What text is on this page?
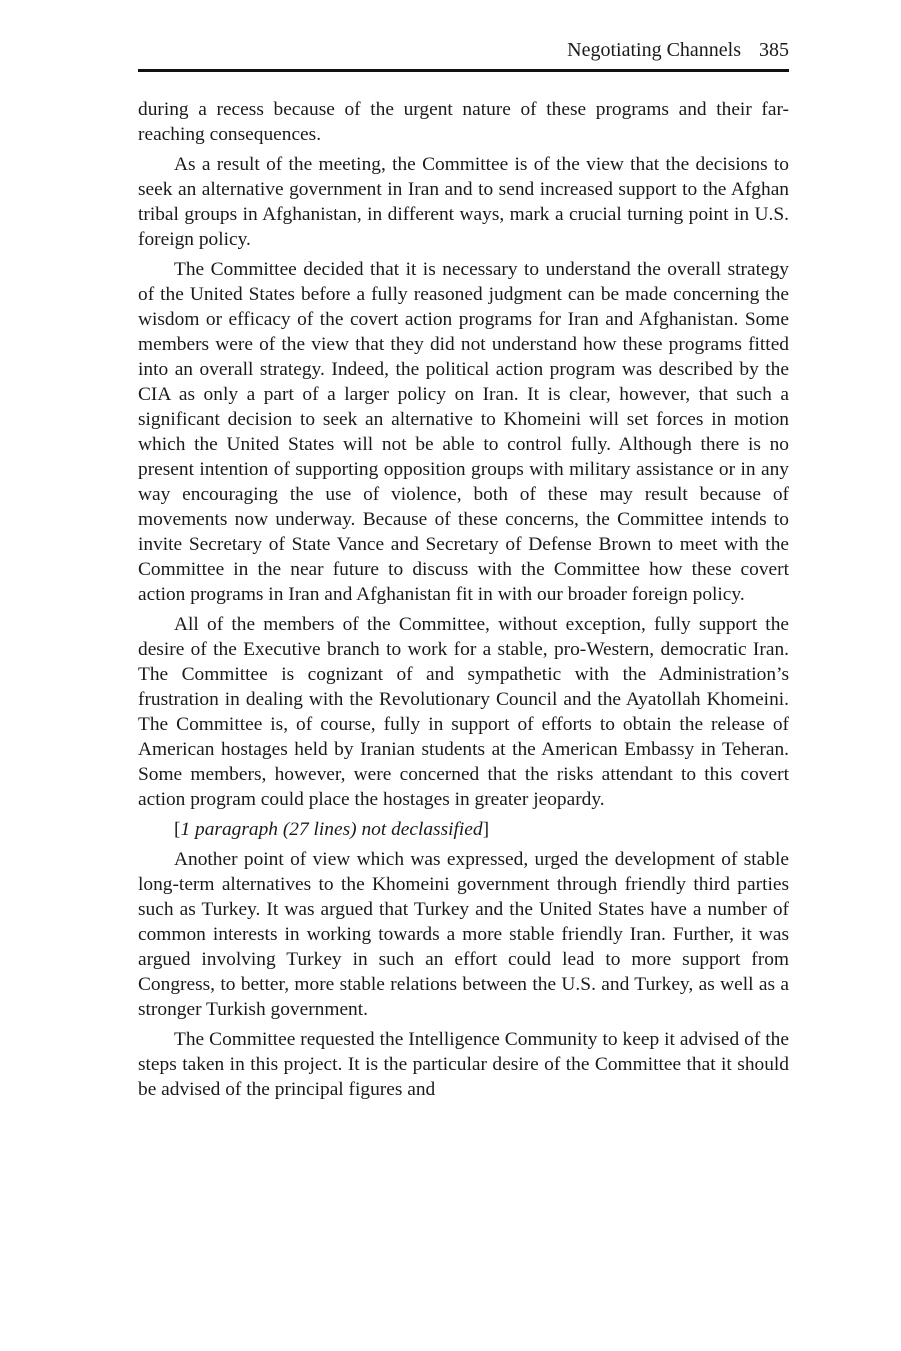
Negotiating Channels 385

during a recess because of the urgent nature of these programs and their far-reaching consequences.

As a result of the meeting, the Committee is of the view that the decisions to seek an alternative government in Iran and to send increased support to the Afghan tribal groups in Afghanistan, in different ways, mark a crucial turning point in U.S. foreign policy.

The Committee decided that it is necessary to understand the overall strategy of the United States before a fully reasoned judgment can be made concerning the wisdom or efficacy of the covert action programs for Iran and Afghanistan. Some members were of the view that they did not understand how these programs fitted into an overall strategy. Indeed, the political action program was described by the CIA as only a part of a larger policy on Iran. It is clear, however, that such a significant decision to seek an alternative to Khomeini will set forces in motion which the United States will not be able to control fully. Although there is no present intention of supporting opposition groups with military assistance or in any way encouraging the use of violence, both of these may result because of movements now underway. Because of these concerns, the Committee intends to invite Secretary of State Vance and Secretary of Defense Brown to meet with the Committee in the near future to discuss with the Committee how these covert action programs in Iran and Afghanistan fit in with our broader foreign policy.

All of the members of the Committee, without exception, fully support the desire of the Executive branch to work for a stable, pro-Western, democratic Iran. The Committee is cognizant of and sympathetic with the Administration’s frustration in dealing with the Revolutionary Council and the Ayatollah Khomeini. The Committee is, of course, fully in support of efforts to obtain the release of American hostages held by Iranian students at the American Embassy in Teheran. Some members, however, were concerned that the risks attendant to this covert action program could place the hostages in greater jeopardy.

[1 paragraph (27 lines) not declassified]

Another point of view which was expressed, urged the development of stable long-term alternatives to the Khomeini government through friendly third parties such as Turkey. It was argued that Turkey and the United States have a number of common interests in working towards a more stable friendly Iran. Further, it was argued involving Turkey in such an effort could lead to more support from Congress, to better, more stable relations between the U.S. and Turkey, as well as a stronger Turkish government.

The Committee requested the Intelligence Community to keep it advised of the steps taken in this project. It is the particular desire of the Committee that it should be advised of the principal figures and
